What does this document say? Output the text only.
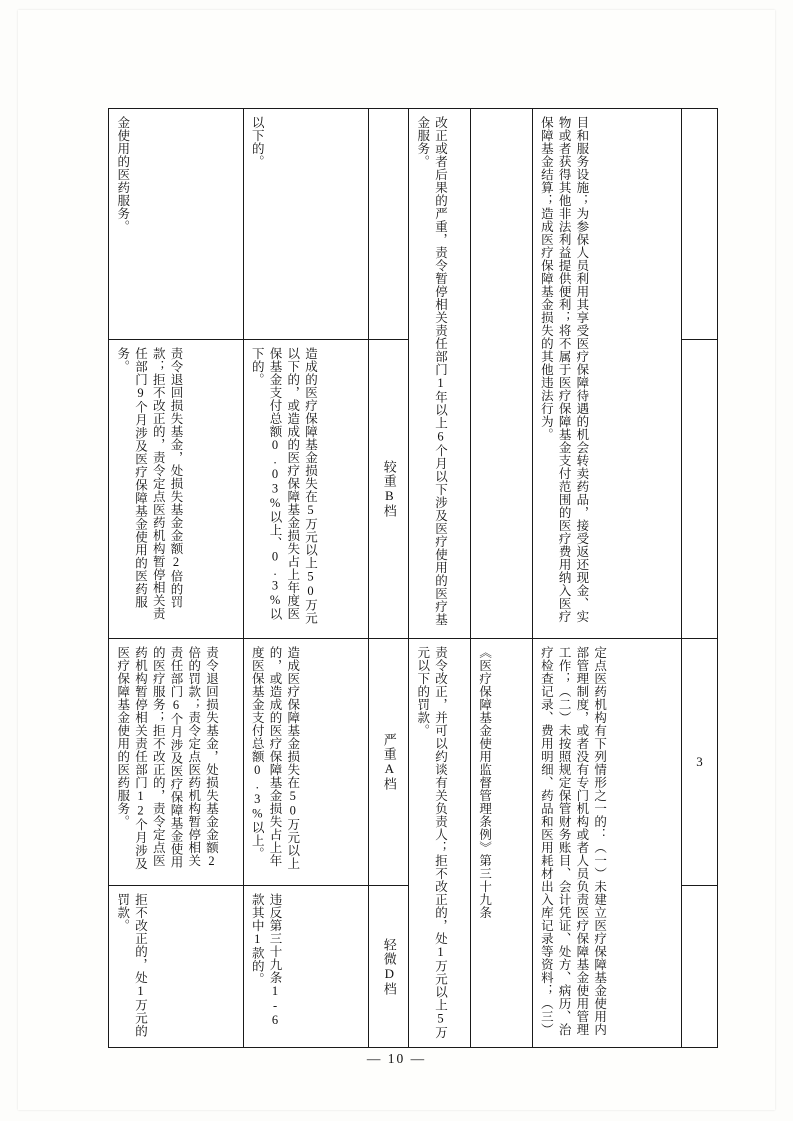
3
目和服务设施；为参保人员利用其享受医疗保障待遇的机会转卖药品，接受返还现金、实物或者获得其他非法利益提供便利；将不属于医疗保障基金支付范围的医疗费用纳入医疗保障基金结算；造成医疗保障基金损失的其他违法行为。
定点医药机构有下列情形之一的：（一）未建立医疗保障基金使用内部管理制度，或者没有专门机构或者人员负责医疗保障基金使用管理工作；（二）未按照规定保管财务账目、会计凭证、处方、病历、治疗检查记录、费用明细、药品和医用耗材出入库记录等资料；（三）
《医疗保障基金使用监督管理条例》第三十九条
改正或者后果的严重，责令暂停相关责任部门1年以上6个月以下涉及医疗使用的医疗基金服务。
责令改正，并可以约谈有关负责人；拒不改正的，处1万元以上5万元以下的罚款。
较重B档
严重A档
轻微D档
以下的。
造成的医疗保障基金损失在5万元以上50万元以下的，或造成的医疗保障基金损失占上年度医保基金支付总额0.03%以上、0.3%以下的。
造成医疗保障基金损失在50万元以上的，或造成的医疗保障基金损失占上年度医保基金支付总额0.3%以上。
违反第三十九条1-6款其中1款的。
金使用的医药服务。
责令退回损失基金，处损失基金金额2倍的罚款；拒不改正的，责令定点医药机构暂停相关责任部门9个月涉及医疗保障基金使用的医药服务。
责令退回损失基金，处损失基金金额2倍的罚款；责令定点医药机构暂停相关责任部门6个月涉及医疗保障基金使用的医疗服务；拒不改正的，责令定点医药机构暂停相关责任部门12个月涉及医疗保障基金使用的医药服务。
拒不改正的，处1万元的罚款。
— 10 —
